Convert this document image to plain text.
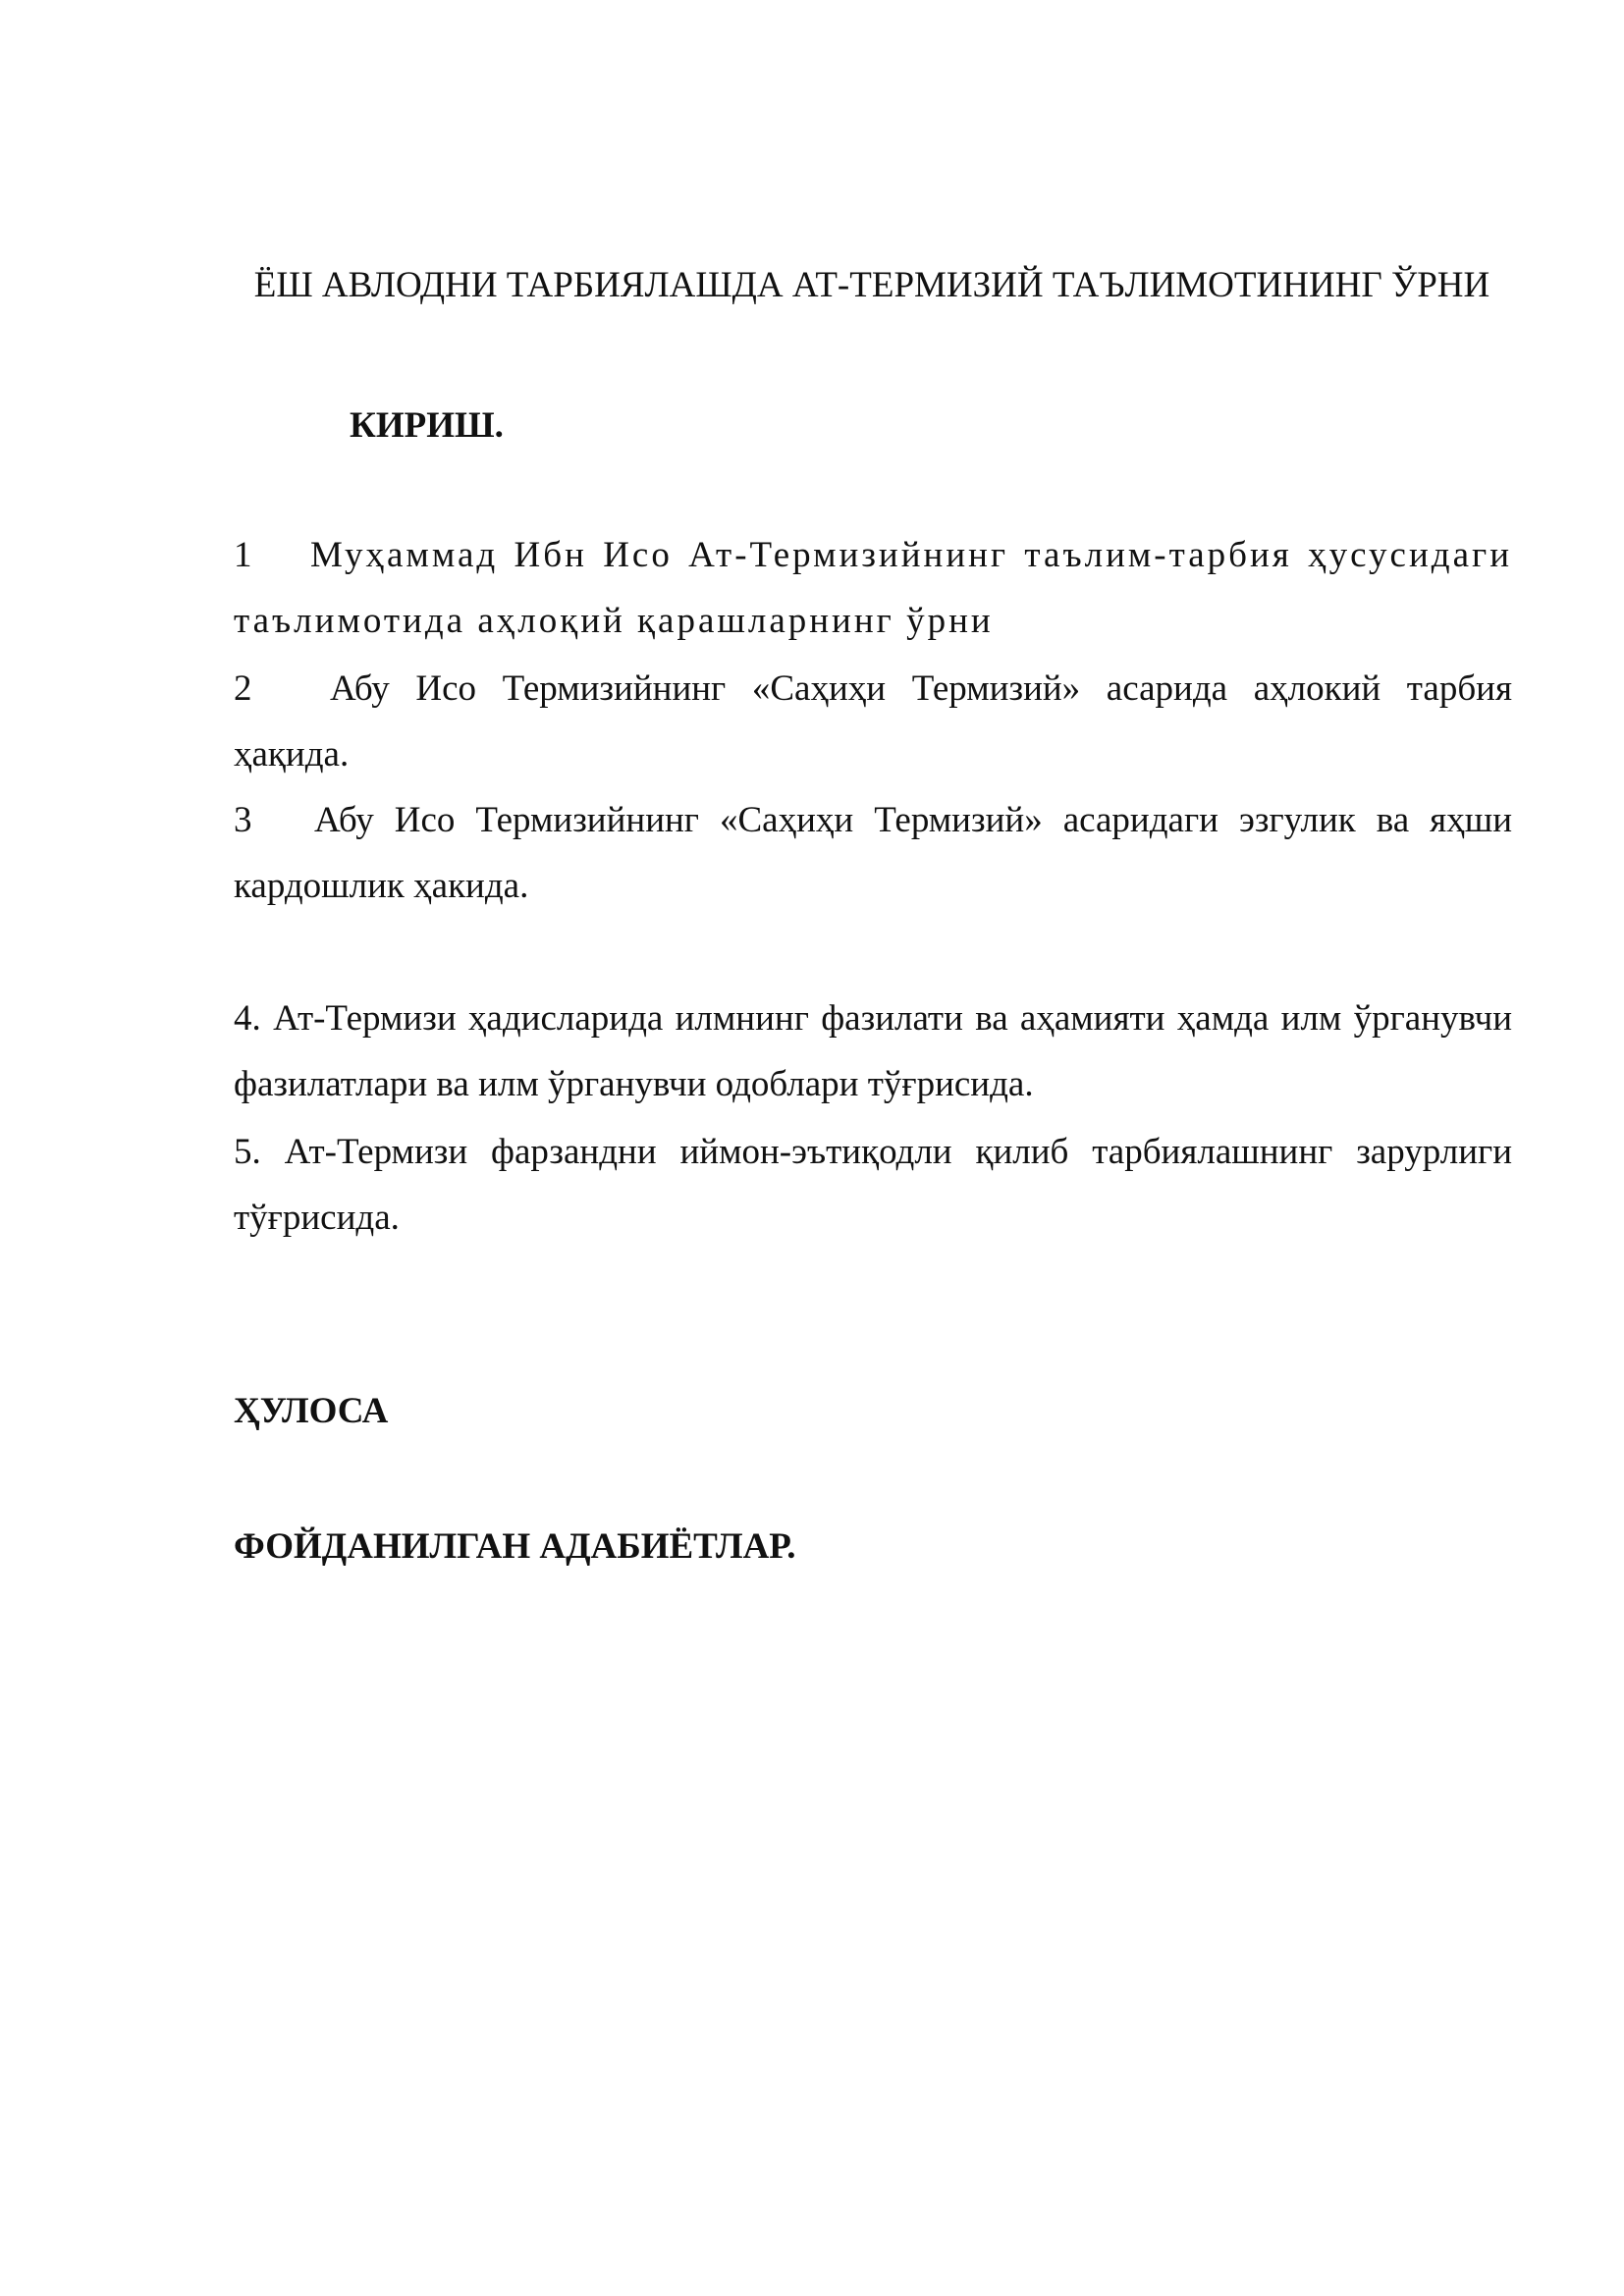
ЁШ АВЛОДНИ ТАРБИЯЛАШДА АТ-ТЕРМИЗИЙ ТАЪЛИМОТИНИНГ ЎРНИ
КИРИШ.

1 Муҳаммад Ибн Исо Ат-Термизийнинг таълим-тарбия ҳусусидаги таълимотида аҳлоқий қарашларнинг ўрни

2 Абу Исо Термизийнинг «Саҳиҳи Термизий» асарида аҳлокий тарбия ҳақида.

3 Абу Исо Термизийнинг «Саҳиҳи Термизий» асаридаги эзгулик ва яҳши кардошлик ҳакида.

4. Ат-Термизи ҳадисларида илмнинг фазилати ва аҳамияти ҳамда илм ўрганувчи фазилатлари ва илм ўрганувчи одоблари тўғрисида.

5. Ат-Термизи фарзандни иймон-эътиқодли қилиб тарбиялашнинг зарурлиги тўғрисида.

ҲУЛОСА
ФОЙДАНИЛГАН АДАБИЁТЛАР.
